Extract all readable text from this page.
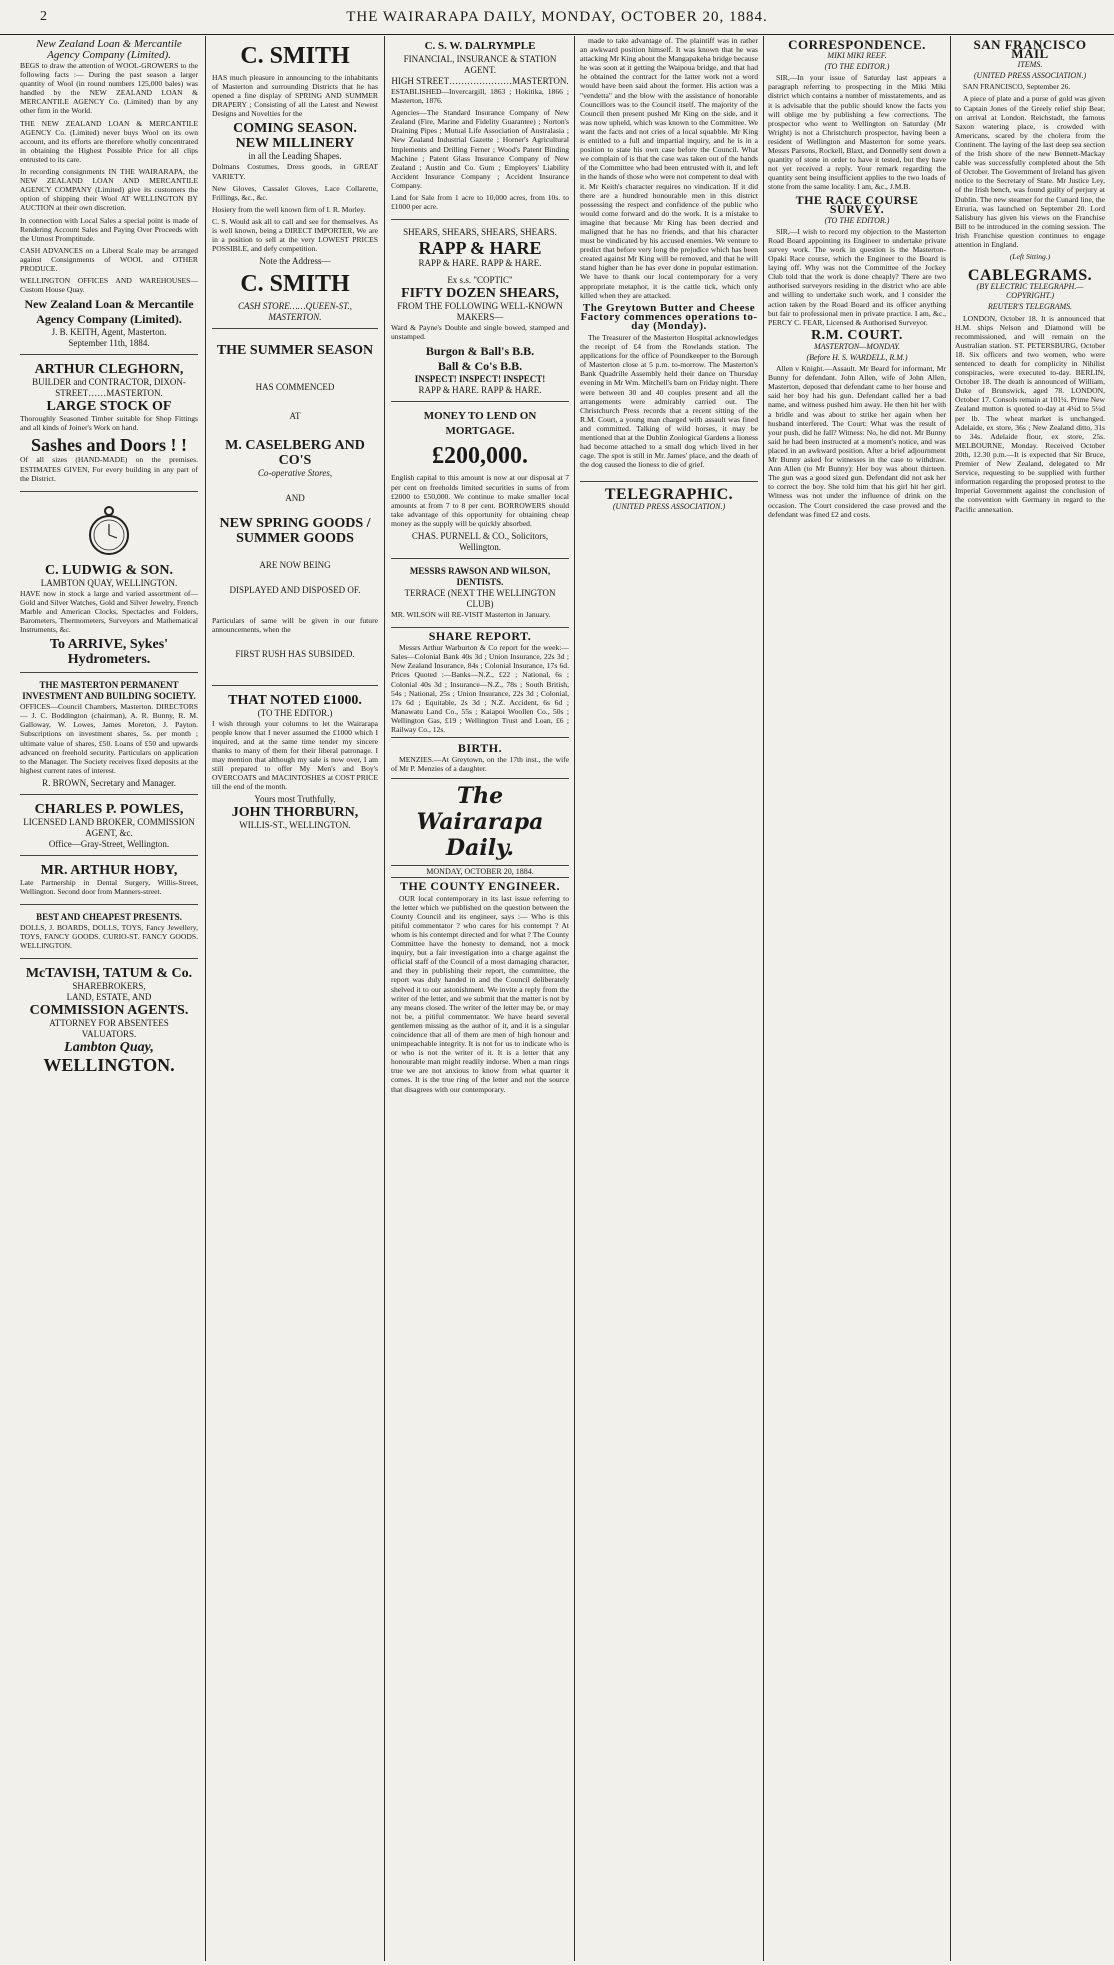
2	THE WAIRARAPA DAILY, MONDAY, OCTOBER 20, 1884.
New Zealand Loan & Mercantile Agency Company (Limited).

BEGS to draw the attention of WOOL-GROWERS to the following facts :— During the past season a larger quantity of Wool (in round numbers 125,000 bales) was handled by the NEW ZEALAND LOAN & MERCANTILE AGENCY Co. (Limited) than by any other firm in the World.

THE NEW ZEALAND LOAN & MERCANTILE AGENCY Co. (Limited) never buys Wool on its own account, and its efforts are therefore wholly concentrated in obtaining the Highest Possible Price for all clips entrusted to its care.

In recording consignments IN THE WAIRARAPA, the NEW ZEALAND LOAN AND MERCANTILE AGENCY COMPANY (Limited) give its customers the option of shipping their Wool AT WELLINGTON BY AUCTION at their own discretion.

In connection with Local Sales a special point is made of Rendering Account Sales and Paying Over Proceeds with the Utmost Promptitude.

CASH ADVANCES on a Liberal Scale may be arranged against Consignments of WOOL and OTHER PRODUCE.

WELLINGTON OFFICES AND WAREHOUSES— Custom House Quay.

New Zealand Loan & Mercantile Agency Company (Limited).
J. B. KEITH, Agent, Masterton.
September 11th, 1884.
ARTHUR CLEGHORN,
BUILDER and CONTRACTOR, DIXON-STREET……MASTERTON.
LARGE STOCK OF

Thoroughly Seasoned Timber suitable for Shop Fittings and all kinds of Joiner's Work on hand.

Sashes and Doors ! !

Of all sizes (HAND-MADE) on the premises. ESTIMATES GIVEN, For every building in any part of the District.

C. LUDWIG & SON.
LAMBTON QUAY, WELLINGTON.

HAVE now in stock a large and varied assortment of— Gold and Silver Watches, Gold and Silver Jewelry, French Marble and American Clocks, Spectacles and Folders, Barometers, Thermometers, Surveyors and Mathematical Instruments, &c.

To ARRIVE, Sykes' Hydrometers.
THE MASTERTON PERMANENT INVESTMENT AND BUILDING SOCIETY.

OFFICES—Council Chambers, Masterton. DIRECTORS— J. C. Boddington (chairman), A. R. Bunny, R. M. Galloway, W. Lowes, James Moreton, J. Payton. Subscriptions on investment shares, 5s. per month ; ultimate value of shares, £50. Loans of £50 and upwards advanced on freehold security. Particulars on application to the Manager. The Society receives fixed deposits at the highest current rates of interest.

R. BROWN, Secretary and Manager.
CHARLES P. POWLES,
LICENSED LAND BROKER, COMMISSION AGENT, &c.
Office—Gray-Street, Wellington.
MR. ARTHUR HOBY,

Late Partnership in Dental Surgery, Willis-Street, Wellington. Second door from Manners-street.

BEST AND CHEAPEST PRESENTS.

DOLLS, J. BOARDS, DOLLS, TOYS, Fancy Jewellery, TOYS, FANCY GOODS. CURIO-ST. FANCY GOODS. WELLINGTON.

McTAVISH, TATUM & Co.
SHAREBROKERS,
LAND, ESTATE, AND
COMMISSION AGENTS.
ATTORNEY FOR ABSENTEES
VALUATORS.
Lambton Quay,
WELLINGTON.
C. SMITH

HAS much pleasure in announcing to the inhabitants of Masterton and surrounding Districts that he has opened a fine display of SPRING AND SUMMER DRAPERY ; Consisting of all the Latest and Newest Designs and Novelties for the

COMING SEASON.
NEW MILLINERY
in all the Leading Shapes.

Dolmans Costumes, Dress goods, in GREAT VARIETY.

New Gloves, Cassalet Gloves, Lace Collarette, Frillings, &c., &c.

Hosiery from the well known firm of I. R. Morley.

C. S. Would ask all to call and see for themselves. As is well known, being a DIRECT IMPORTER, We are in a position to sell at the very LOWEST PRICES POSSIBLE, and defy competition.

Note the Address—
C. SMITH
CASH STORE……QUEEN-ST., MASTERTON.
THE SUMMER SEASON
HAS COMMENCED
AT
M. CASELBERG AND CO'S
Co-operative Stores,
AND
NEW SPRING GOODS / SUMMER GOODS
ARE NOW BEING
DISPLAYED AND DISPOSED OF.

Particulars of same will be given in our future announcements, when the

FIRST RUSH HAS SUBSIDED.
THAT NOTED £1000.
(TO THE EDITOR.)

I wish through your columns to let the Wairarapa people know that I never assumed the £1000 which I inquired, and at the same time tender my sincere thanks to many of them for their liberal patronage. I may mention that although my sale is now over, I am still prepared to offer My Men's and Boy's OVERCOATS and MACINTOSHES at COST PRICE till the end of the month.

Yours most Truthfully,
JOHN THORBURN,
WILLIS-ST., WELLINGTON.
C. S. W. DALRYMPLE
FINANCIAL, INSURANCE & STATION AGENT.
HIGH STREET…………………MASTERTON.

ESTABLISHED—Invercargill, 1863 ; Hokitika, 1866 ; Masterton, 1876.

Agencies—The Standard Insurance Company of New Zealand (Fire, Marine and Fidelity Guarantee) ; Norton's Draining Pipes ; Mutual Life Association of Australasia ; New Zealand Industrial Gazette ; Horner's Agricultural Implements and Drilling Ferner ; Wood's Patent Binding Machine ; Patent Glass Insurance Company of New Zealand ; Austin and Co. Gum ; Employers' Liability Accident Insurance Company ; Accident Insurance Company.

Land for Sale from 1 acre to 10,000 acres, from 10s. to £1000 per acre.

SHEARS, SHEARS, SHEARS, SHEARS.
RAPP & HARE
RAPP & HARE. RAPP & HARE.
Ex s.s. "COPTIC"
FIFTY DOZEN SHEARS,
FROM THE FOLLOWING WELL-KNOWN MAKERS—

Ward & Payne's Double and single bowed, stamped and unstamped.

Burgon & Ball's B.B.
Ball & Co's B.B.
INSPECT! INSPECT! INSPECT!
RAPP & HARE. RAPP & HARE.
MONEY TO LEND ON MORTGAGE.
£200,000.

English capital to this amount is now at our disposal at 7 per cent on freeholds limited securities in sums of from £2000 to £50,000. We continue to make smaller local amounts at from 7 to 8 per cent. BORROWERS should take advantage of this opportunity for obtaining cheap money as the supply will be quickly absorbed.

CHAS. PURNELL & CO., Solicitors, Wellington.
MESSRS RAWSON AND WILSON, DENTISTS.
TERRACE (NEXT THE WELLINGTON CLUB)

MR. WILSON will RE-VISIT Masterton in January.

SHARE REPORT.

Messrs Arthur Warburton & Co report for the week:—Sales—Colonial Bank 40s 3d ; Union Insurance, 22s 3d ; New Zealand Insurance, 84s ; Colonial Insurance, 17s 6d. Prices Quoted :—Banks—N.Z., £22 ; National, 6s ; Colonial 40s 3d ; Insurance—N.Z., 78s ; South British, 54s ; National, 25s ; Union Insurance, 22s 3d ; Colonial, 17s 6d ; Equitable, 2s 3d ; N.Z. Accident, 6s 6d ; Manawatu Land Co., 55s ; Kaiapoi Woollen Co., 50s ; Wellington Gas, £19 ; Wellington Trust and Loan, £6 ; Railway Co., 12s.

BIRTH.

MENZIES.—At Greytown, on the 17th inst., the wife of Mr P. Menzies of a daughter.

The Wairarapa Daily.
MONDAY, OCTOBER 20, 1884.
THE COUNTY ENGINEER.

OUR local contemporary in its last issue referring to the letter which we published on the question between the County Council and its engineer, says :— Who is this pitiful commentator ? who cares for his contempt ? At whom is his contempt directed and for what ? The County Committee have the honesty to demand, not a mock inquiry, but a fair investigation into a charge against the official staff of the Council of a most damaging character, and they in publishing their report, the committee, the report was duly handed in and the Council deliberately shelved it to our astonishment. We invite a reply from the writer of the letter, and we submit that the matter is not by any means closed. The writer of the letter may be, or may not be, a pitiful commentator. We have heard several gentlemen missing as the author of it, and it is a singular coincidence that all of them are men of high honour and unimpeachable integrity. It is not for us to indicate who is or who is not the writer of it. It is a letter that any honourable man might readily indorse. When a man rings true we are not anxious to know from what quarter it comes. It is the true ring of the letter and not the source that disagrees with our contemporary.

made to take advantage of. The plaintiff was in rather an awkward position himself. It was known that he was attacking Mr King about the Mangapakeha bridge because he was soon at it getting the Waipoua bridge, and that had he obtained the contract for the latter work not a word would have been said about the former. His action was a "vendetta" and the blow with the assistance of honorable Councillors was to the Council itself. The majority of the Council then present pushed Mr King on the side, and it was now upheld, which was known to the Committee. We want the facts and not cries of a local squabble. Mr King is entitled to a full and impartial inquiry, and he is in a position to state his own case before the Council. What we complain of is that the case was taken out of the hands of the Committee who had been entrusted with it, and left in the hands of those who were not competent to deal with it. Mr Keith's character requires no vindication. If it did there are a hundred honourable men in this district possessing the respect and confidence of the public who would come forward and do the work. It is a mistake to imagine that because Mr King has been decried and maligned that he has no friends, and that his character must be vindicated by his accused enemies. We venture to predict that before very long the prejudice which has been created against Mr King will be removed, and that he will stand higher than he has ever done in popular estimation. We have to thank our local contemporary for a very appropriate metaphor, it is the cattle tick, which only killed when they are attacked.

The Greytown Butter and Cheese Factory commences operations to-day (Monday).

The Treasurer of the Masterton Hospital acknowledges the receipt of £4 from the Rowlands station. The applications for the office of Poundkeeper to the Borough of Masterton close at 5 p.m. to-morrow. The Masterton's Bank Quadrille Assembly held their dance on Thursday evening in Mr Wm. Mitchell's barn on Friday night. There were between 30 and 40 couples present and all the arrangements were admirably carried out. The Christchurch Press records that a recent sitting of the R.M. Court, a young man charged with assault was fined and committed. Talking of wild horses, it may be mentioned that at the Dublin Zoological Gardens a lioness had become attached to a small dog which lived in her cage. The spot is still in Mr. James' place, and the death of the dog caused the lioness to die of grief.

TELEGRAPHIC.
(UNITED PRESS ASSOCIATION.)
CORRESPONDENCE.
MIKI MIKI REEF.
(TO THE EDITOR.)

SIR,—In your issue of Saturday last appears a paragraph referring to prospecting in the Miki Miki district which contains a number of misstatements, and as it is advisable that the public should know the facts you will oblige me by publishing a few corrections. The prospector who went to Wellington on Saturday (Mr Wright) is not a Christchurch prospector, having been a resident of Wellington and Masterton for some years. Messrs Parsons, Rockell, Blaxt, and Donnelly sent down a quantity of stone in order to have it tested, but they have not yet received a reply. Your remark regarding the quantity sent being insufficient applies to the two loads of stone from the same locality. I am, &c., J.M.B.

THE RACE COURSE SURVEY.
(TO THE EDITOR.)

SIR,—I wish to record my objection to the Masterton Road Board appointing its Engineer to undertake private survey work. The work in question is the Masterton-Opaki Race course, which the Engineer to the Board is laying off. Why was not the Committee of the Jockey Club told that the work is done cheaply? There are two authorised surveyors residing in the district who are able and willing to undertake such work, and I consider the action taken by the Road Board and its officer anything but fair to professional men in private practice. I am, &c., PERCY C. FEAR, Licensed & Authorised Surveyor.

R.M. COURT.
MASTERTON—MONDAY.
(Before H. S. WARDELL, R.M.)

Allen v Knight.—Assault. Mr Beard for informant, Mr Bunny for defendant. John Allen, wife of John Allen, Masterton, deposed that defendant came to her house and said her boy had his gun. Defendant called her a bad name, and witness pushed him away. He then hit her with a bridle and was about to strike her again when her husband interfered. The Court: What was the result of your push, did he fall? Witness: No, he did not. Mr Bunny said he had been instructed at a moment's notice, and was placed in an awkward position. After a brief adjournment Mr Bunny asked for witnesses in the case to withdraw. Ann Allen (to Mr Bunny): Her boy was about thirteen. The gun was a good sized gun. Defendant did not ask her to correct the boy. She told him that his girl hit her girl. Witness was not under the influence of drink on the occasion. The Court considered the case proved and the defendant was fined £2 and costs.

SAN FRANCISCO MAIL
ITEMS.
(UNITED PRESS ASSOCIATION.)

SAN FRANCISCO, September 26.

A piece of plate and a purse of gold was given to Captain Jones of the Greely relief ship Bear, on arrival at London. Reichstadt, the famous Saxon watering place, is crowded with Americans, scared by the cholera from the Continent. The laying of the last deep sea section of the Irish shore of the new Bennett-Mackay cable was successfully completed about the 5th of October. The Government of Ireland has given notice to the Secretary of State. Mr Justice Ley, of the Irish bench, was found guilty of perjury at Dublin. The new steamer for the Cunard line, the Etruria, was launched on September 20. Lord Salisbury has given his views on the Franchise Bill to be introduced in the coming session. The Irish Franchise question continues to engage attention in England.

(Left Sitting.)

CABLEGRAMS.
(BY ELECTRIC TELEGRAPH.—COPYRIGHT.)
REUTER'S TELEGRAMS.

LONDON, October 18. It is announced that H.M. ships Nelson and Diamond will be recommissioned, and will remain on the Australian station. ST. PETERSBURG, October 18. Six officers and two women, who were sentenced to death for complicity in Nihilist conspiracies, were executed to-day. BERLIN, October 18. The death is announced of William, Duke of Brunswick, aged 78. LONDON, October 17. Consols remain at 101¼. Prime New Zealand mutton is quoted to-day at 4¼d to 5¼d per lb. The wheat market is unchanged. Adelaide, ex store, 36s ; New Zealand ditto, 31s to 34s. Adelaide flour, ex store, 25s. MELBOURNE, Monday. Received October 20th, 12.30 p.m.—It is expected that Sir Bruce, Premier of New Zealand, delegated to Mr Service, requesting to be supplied with further information regarding the proposed protest to the Imperial Government against the conclusion of the convention with Germany in regard to the Pacific annexation.
